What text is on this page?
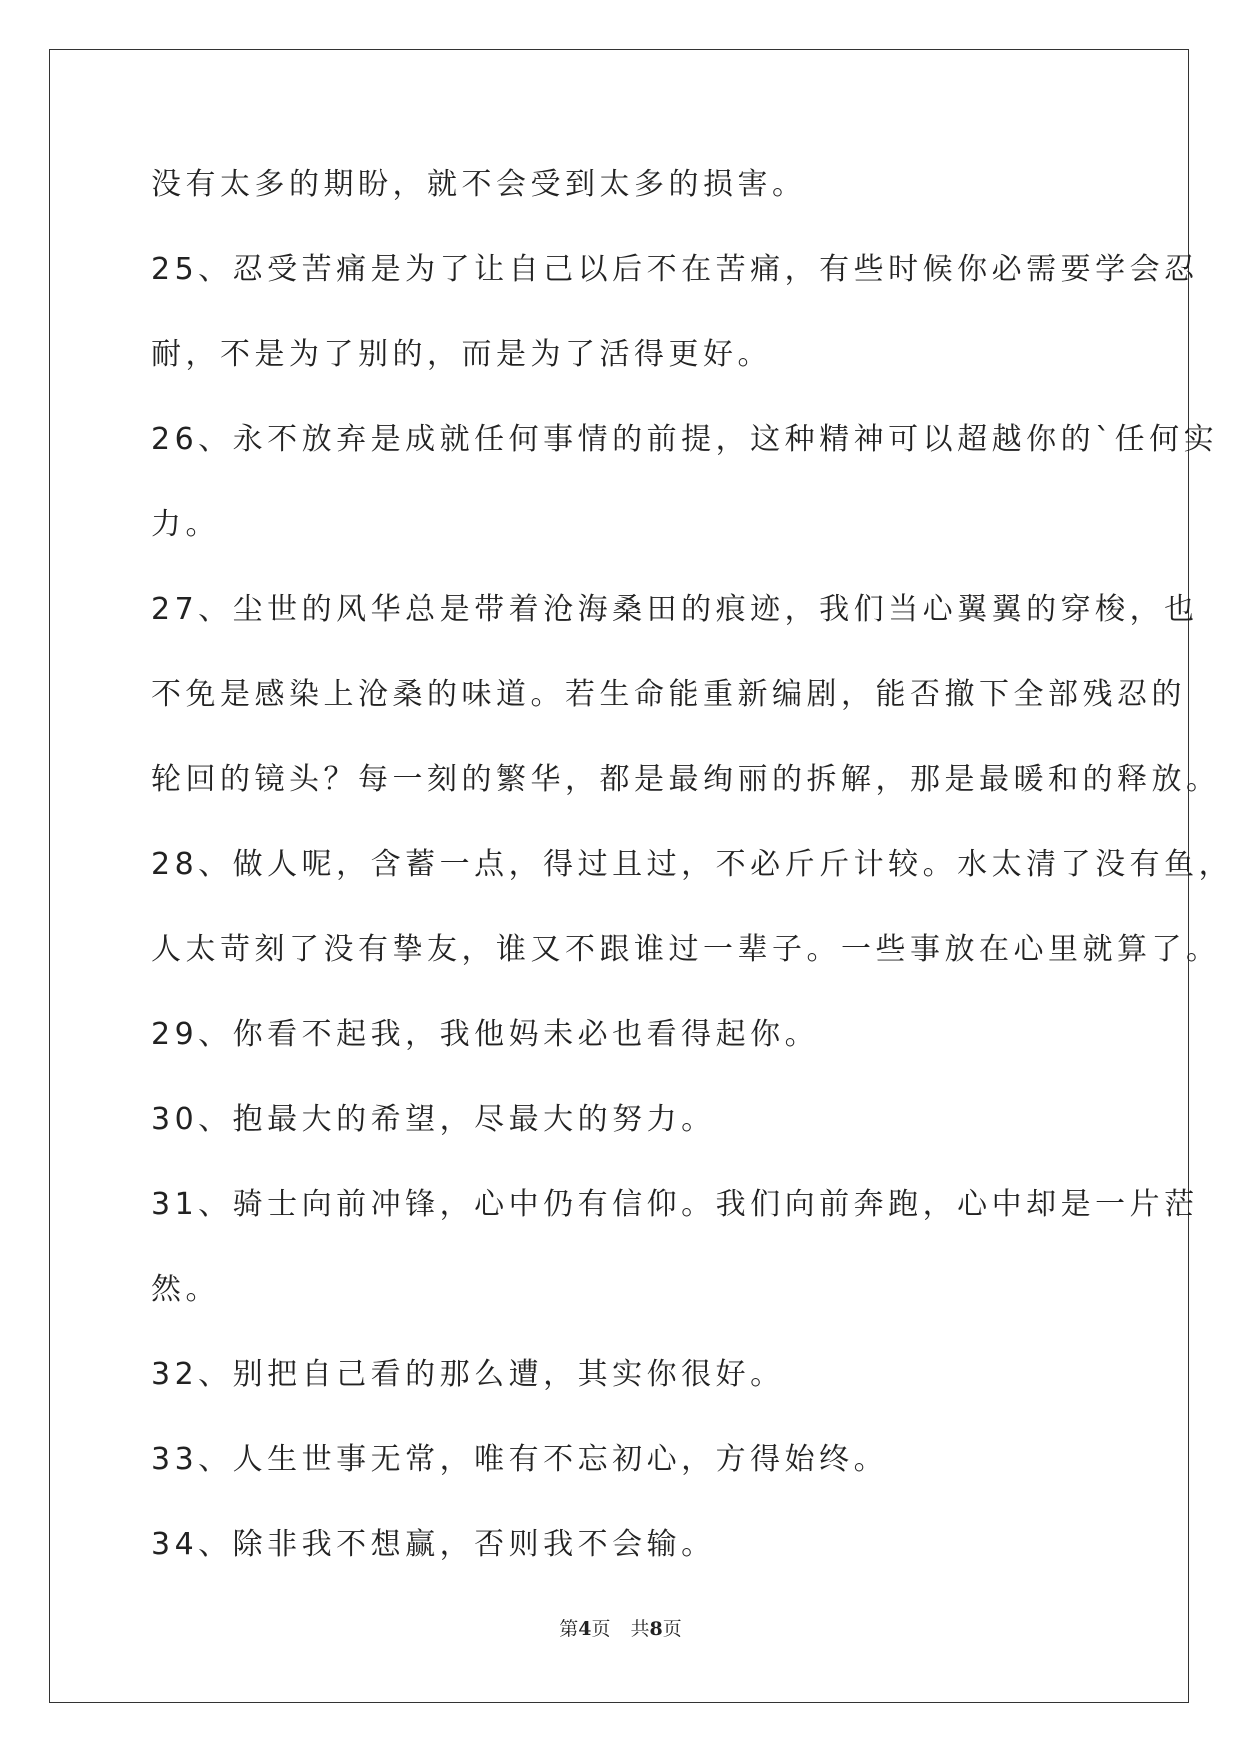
没有太多的期盼，就不会受到太多的损害。
25、忍受苦痛是为了让自己以后不在苦痛，有些时候你必需要学会忍
耐，不是为了别的，而是为了活得更好。
26、永不放弃是成就任何事情的前提，这种精神可以超越你的`任何实
力。
27、尘世的风华总是带着沧海桑田的痕迹，我们当心翼翼的穿梭，也
不免是感染上沧桑的味道。若生命能重新编剧，能否撤下全部残忍的
轮回的镜头？每一刻的繁华，都是最绚丽的拆解，那是最暖和的释放。
28、做人呢，含蓄一点，得过且过，不必斤斤计较。水太清了没有鱼，
人太苛刻了没有挚友，谁又不跟谁过一辈子。一些事放在心里就算了。
29、你看不起我，我他妈未必也看得起你。
30、抱最大的希望，尽最大的努力。
31、骑士向前冲锋，心中仍有信仰。我们向前奔跑，心中却是一片茫
然。
32、别把自己看的那么遭，其实你很好。
33、人生世事无常，唯有不忘初心，方得始终。
34、除非我不想赢，否则我不会输。
第4页 共8页
